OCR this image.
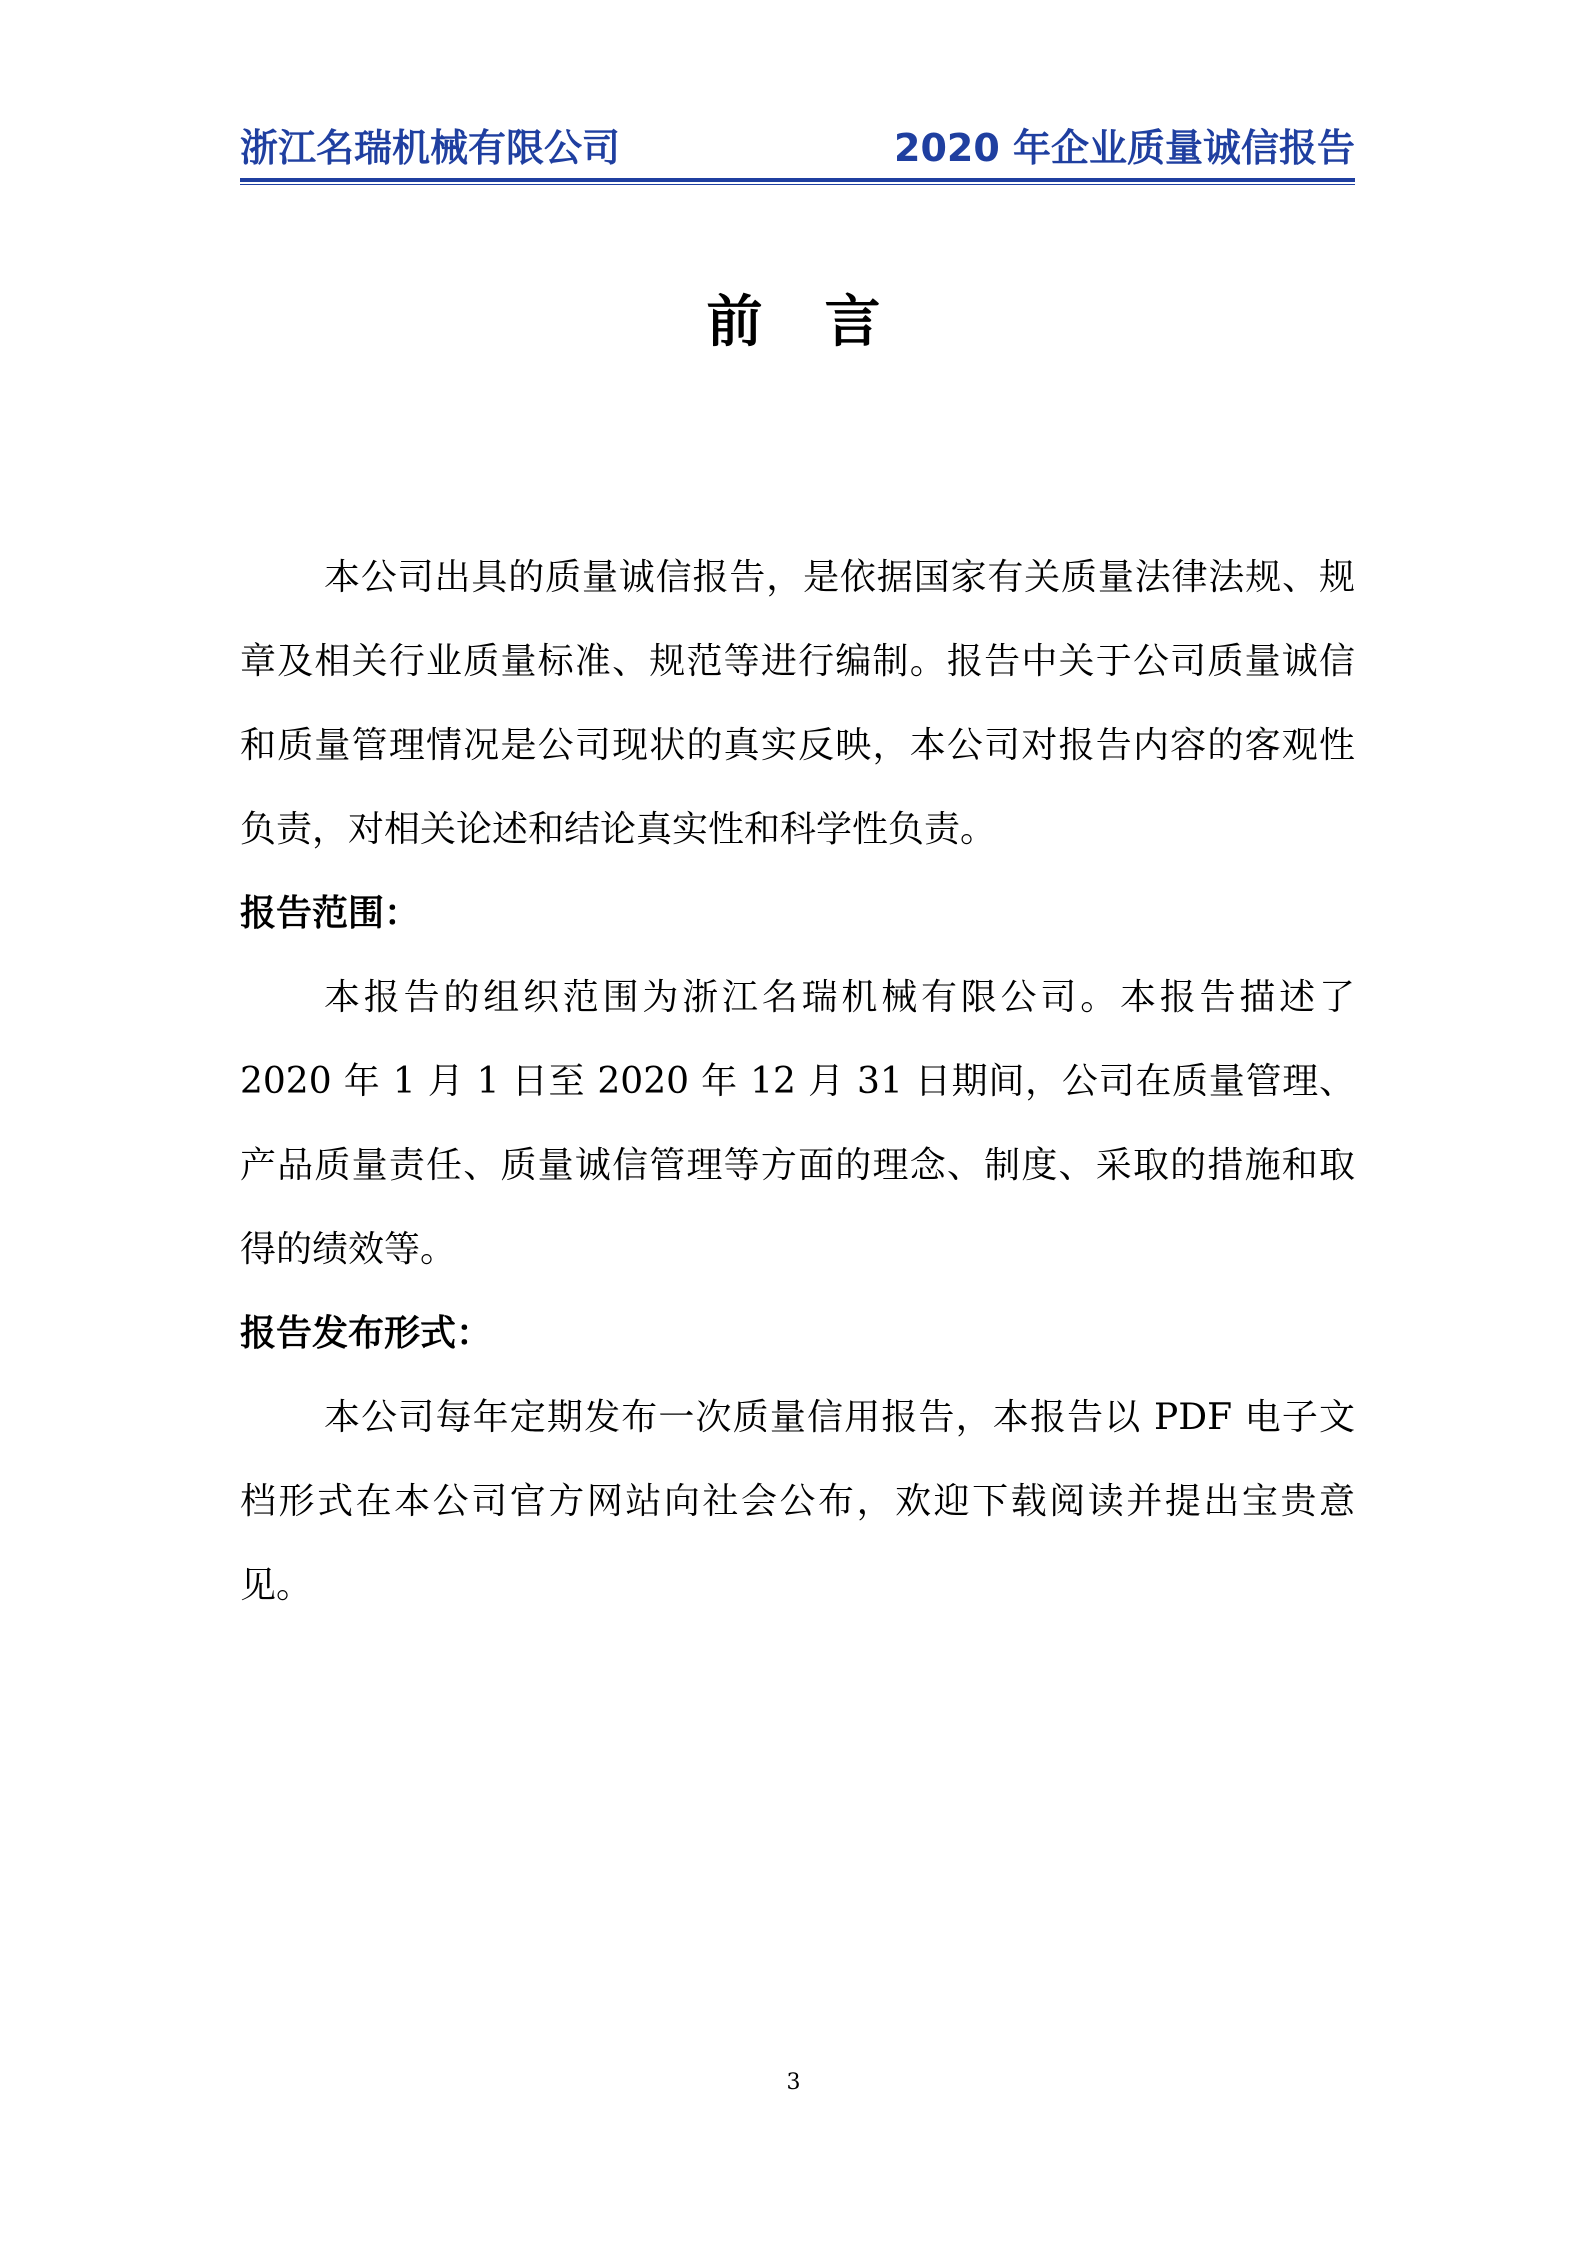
浙江名瑞机械有限公司	2020 年企业质量诚信报告
前言

本公司出具的质量诚信报告，是依据国家有关质量法律法规、规章及相关行业质量标准、规范等进行编制。报告中关于公司质量诚信和质量管理情况是公司现状的真实反映，本公司对报告内容的客观性负责，对相关论述和结论真实性和科学性负责。

报告范围：

本报告的组织范围为浙江名瑞机械有限公司。本报告描述了 2020 年 1 月 1 日至 2020 年 12 月 31 日期间，公司在质量管理、产品质量责任、质量诚信管理等方面的理念、制度、采取的措施和取得的绩效等。

报告发布形式：

本公司每年定期发布一次质量信用报告，本报告以 PDF 电子文档形式在本公司官方网站向社会公布，欢迎下载阅读并提出宝贵意见。

3
